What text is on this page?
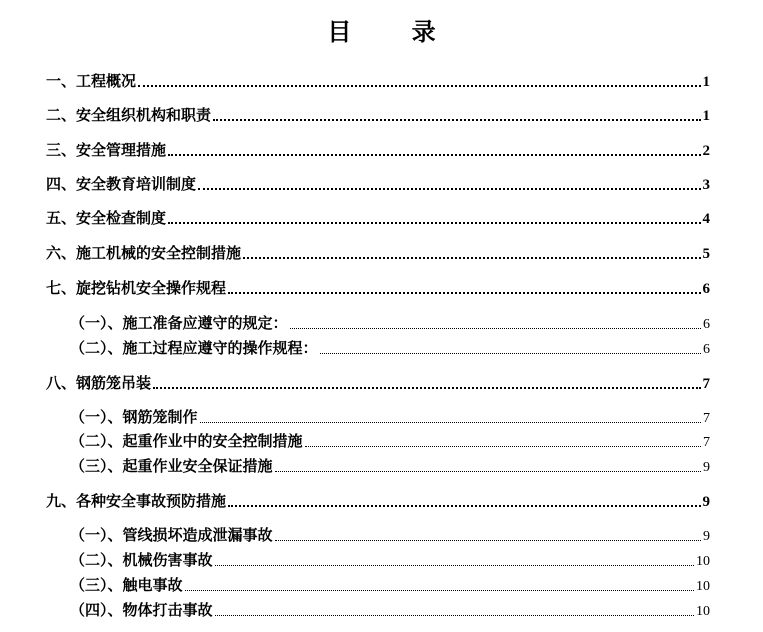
目 录
一、工程概况	1
二、安全组织机构和职责	1
三、安全管理措施	2
四、安全教育培训制度	3
五、安全检查制度	4
六、施工机械的安全控制措施	5
七、旋挖钻机安全操作规程	6
（一）、施工准备应遵守的规定：	6
（二）、施工过程应遵守的操作规程：	6
八、钢筋笼吊装	7
（一）、钢筋笼制作	7
（二）、起重作业中的安全控制措施	7
（三）、起重作业安全保证措施	9
九、各种安全事故预防措施	9
（一）、管线损坏造成泄漏事故	9
（二）、机械伤害事故	10
（三）、触电事故	10
（四）、物体打击事故	10
